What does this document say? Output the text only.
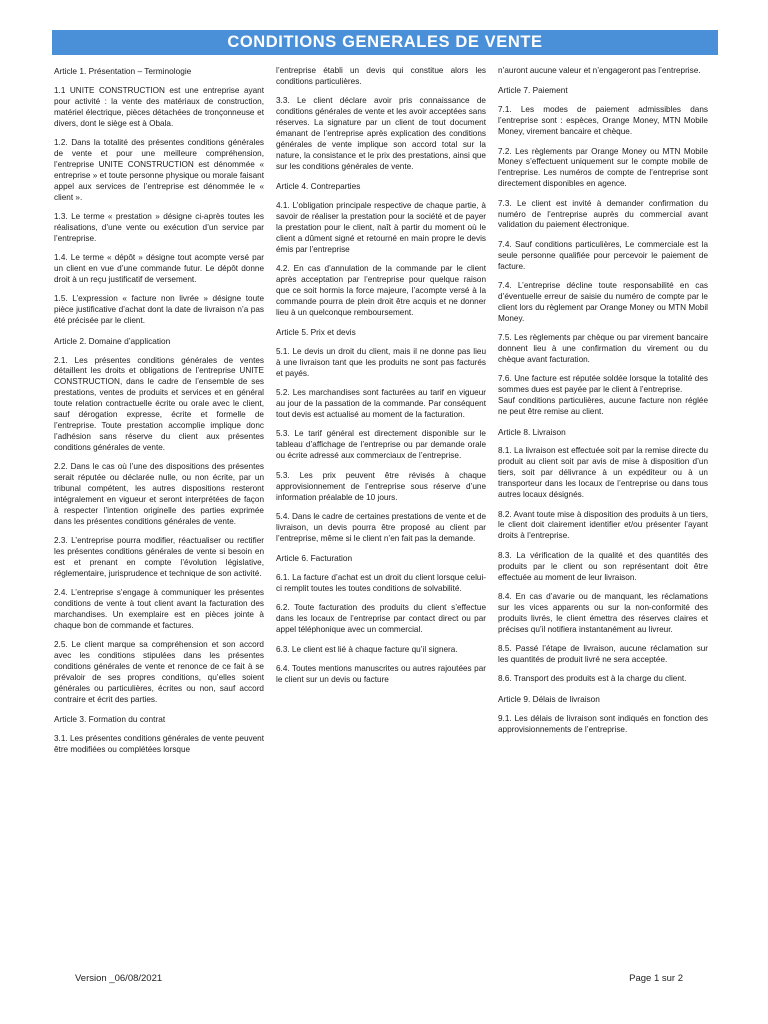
CONDITIONS GENERALES DE VENTE
Article 1. Présentation – Terminologie

1.1 UNITE CONSTRUCTION est une entreprise ayant pour activité : la vente des matériaux de construction, matériel électrique, pièces détachées de tronçonneuse et divers, dont le siège est à Obala.

1.2. Dans la totalité des présentes conditions générales de vente et pour une meilleure compréhension, l’entreprise UNITE CONSTRUCTION est dénommée « entreprise » et toute personne physique ou morale faisant appel aux services de l’entreprise est dénommée le « client ».

1.3. Le terme « prestation » désigne ci-après toutes les réalisations, d’une vente ou exécution d’un service par l’entreprise.

1.4. Le terme « dépôt » désigne tout acompte versé par un client en vue d’une commande futur. Le dépôt donne droit à un reçu justificatif de versement.

1.5. L’expression « facture non livrée » désigne toute pièce justificative d’achat dont la date de livraison n’a pas été précisée par le client.

Article 2. Domaine d’application

2.1. Les présentes conditions générales de ventes détaillent les droits et obligations de l’entreprise UNITE CONSTRUCTION, dans le cadre de l’ensemble de ses prestations, ventes de produits et services et en général toute relation contractuelle écrite ou orale avec le client, sauf dérogation expresse, écrite et formelle de l’entreprise. Toute prestation accomplie implique donc l’adhésion sans réserve du client aux présentes conditions générales de vente.

2.2. Dans le cas où l’une des dispositions des présentes serait réputée ou déclarée nulle, ou non écrite, par un tribunal compétent, les autres dispositions resteront intégralement en vigueur et seront interprétées de façon à respecter l’intention originelle des parties exprimée dans les présentes conditions générales de vente.

2.3. L’entreprise pourra modifier, réactualiser ou rectifier les présentes conditions générales de vente si besoin en est et prenant en compte l’évolution législative, réglementaire, jurisprudence et technique de son activité.

2.4. L’entreprise s’engage à communiquer les présentes conditions de vente à tout client avant la facturation des marchandises. Un exemplaire est en pièces jointe à chaque bon de commande et factures.

2.5. Le client marque sa compréhension et son accord avec les conditions stipulées dans les présentes conditions générales de vente et renonce de ce fait à se prévaloir de ses propres conditions, qu’elles soient générales ou particulières, écrites ou non, sauf accord contraire et écrit des parties.

Article 3. Formation du contrat

3.1. Les présentes conditions générales de vente peuvent être modifiées ou complétées lorsque

l’entreprise établi un devis qui constitue alors les conditions particulières.

3.3. Le client déclare avoir pris connaissance de conditions générales de vente et les avoir acceptées sans réserves. La signature par un client de tout document émanant de l’entreprise après explication des conditions générales de vente implique son accord total sur la nature, la consistance et le prix des prestations, ainsi que sur les conditions générales de vente.

Article 4. Contreparties

4.1. L’obligation principale respective de chaque partie, à savoir de réaliser la prestation pour la société et de payer la prestation pour le client, naît à partir du moment où le client a dûment signé et retourné en main propre le devis émis par l’entreprise

4.2. En cas d’annulation de la commande par le client après acceptation par l’entreprise pour quelque raison que ce soit hormis la force majeure, l’acompte versé à la commande pourra de plein droit être acquis et ne donner lieu à un quelconque remboursement.

Article 5. Prix et devis

5.1. Le devis un droit du client, mais il ne donne pas lieu à une livraison tant que les produits ne sont pas facturés et payés.

5.2. Les marchandises sont facturées au tarif en vigueur au jour de la passation de la commande. Par conséquent tout devis est actualisé au moment de la facturation.

5.3. Le tarif général est directement disponible sur le tableau d’affichage de l’entreprise ou par demande orale ou écrite adressé aux commerciaux de l’entreprise.

5.3. Les prix peuvent être révisés à chaque approvisionnement de l’entreprise sous réserve d’une information préalable de 10 jours.

5.4. Dans le cadre de certaines prestations de vente et de livraison, un devis pourra être proposé au client par l’entreprise, même si le client n’en fait pas la demande.

Article 6. Facturation

6.1. La facture d’achat est un droit du client lorsque celui-ci remplit toutes les toutes conditions de solvabilité.

6.2. Toute facturation des produits du client s’effectue dans les locaux de l’entreprise par contact direct ou par appel téléphonique avec un commercial.

6.3. Le client est lié à chaque facture qu’il signera.

6.4. Toutes mentions manuscrites ou autres rajoutées par le client sur un devis ou facture

n’auront aucune valeur et n’engageront pas l’entreprise.

Article 7. Paiement

7.1. Les modes de paiement admissibles dans l’entreprise sont : espèces, Orange Money, MTN Mobile Money, virement bancaire et chèque.

7.2. Les règlements par Orange Money ou MTN Mobile Money s’effectuent uniquement sur le compte mobile de l’entreprise. Les numéros de compte de l’entreprise sont directement disponibles en agence.

7.3. Le client est invité à demander confirmation du numéro de l’entreprise auprès du commercial avant validation du paiement électronique.

7.4. Sauf conditions particulières, Le commerciale est la seule personne qualifiée pour percevoir le paiement de facture.

7.4. L’entreprise décline toute responsabilité en cas d’éventuelle erreur de saisie du numéro de compte par le client lors du règlement par Orange Money ou MTN Mobil Money.

7.5. Les règlements par chèque ou par virement bancaire donnent lieu à une confirmation du virement ou du chèque avant facturation.

7.6. Une facture est réputée soldée lorsque la totalité des sommes dues est payée par le client à l’entreprise.
Sauf conditions particulières, aucune facture non réglée ne peut être remise au client.

Article 8. Livraison

8.1. La livraison est effectuée soit par la remise directe du produit au client soit par avis de mise à disposition d’un tiers, soit par délivrance à un expéditeur ou à un transporteur dans les locaux de l’entreprise ou dans tous autres locaux désignés.

8.2. Avant toute mise à disposition des produits à un tiers, le client doit clairement identifier et/ou présenter l’ayant droits à l’entreprise.

8.3. La vérification de la qualité et des quantités des produits par le client ou son représentant doit être effectuée au moment de leur livraison.

8.4. En cas d’avarie ou de manquant, les réclamations sur les vices apparents ou sur la non-conformité des produits livrés, le client émettra des réserves claires et précises qu’il notifiera instantanément au livreur.

8.5. Passé l’étape de livraison, aucune réclamation sur les quantités de produit livré ne sera acceptée.

8.6. Transport des produits est à la charge du client.

Article 9. Délais de livraison

9.1. Les délais de livraison sont indiqués en fonction des approvisionnements de l’entreprise.

Version _06/08/2021	Page 1 sur 2
